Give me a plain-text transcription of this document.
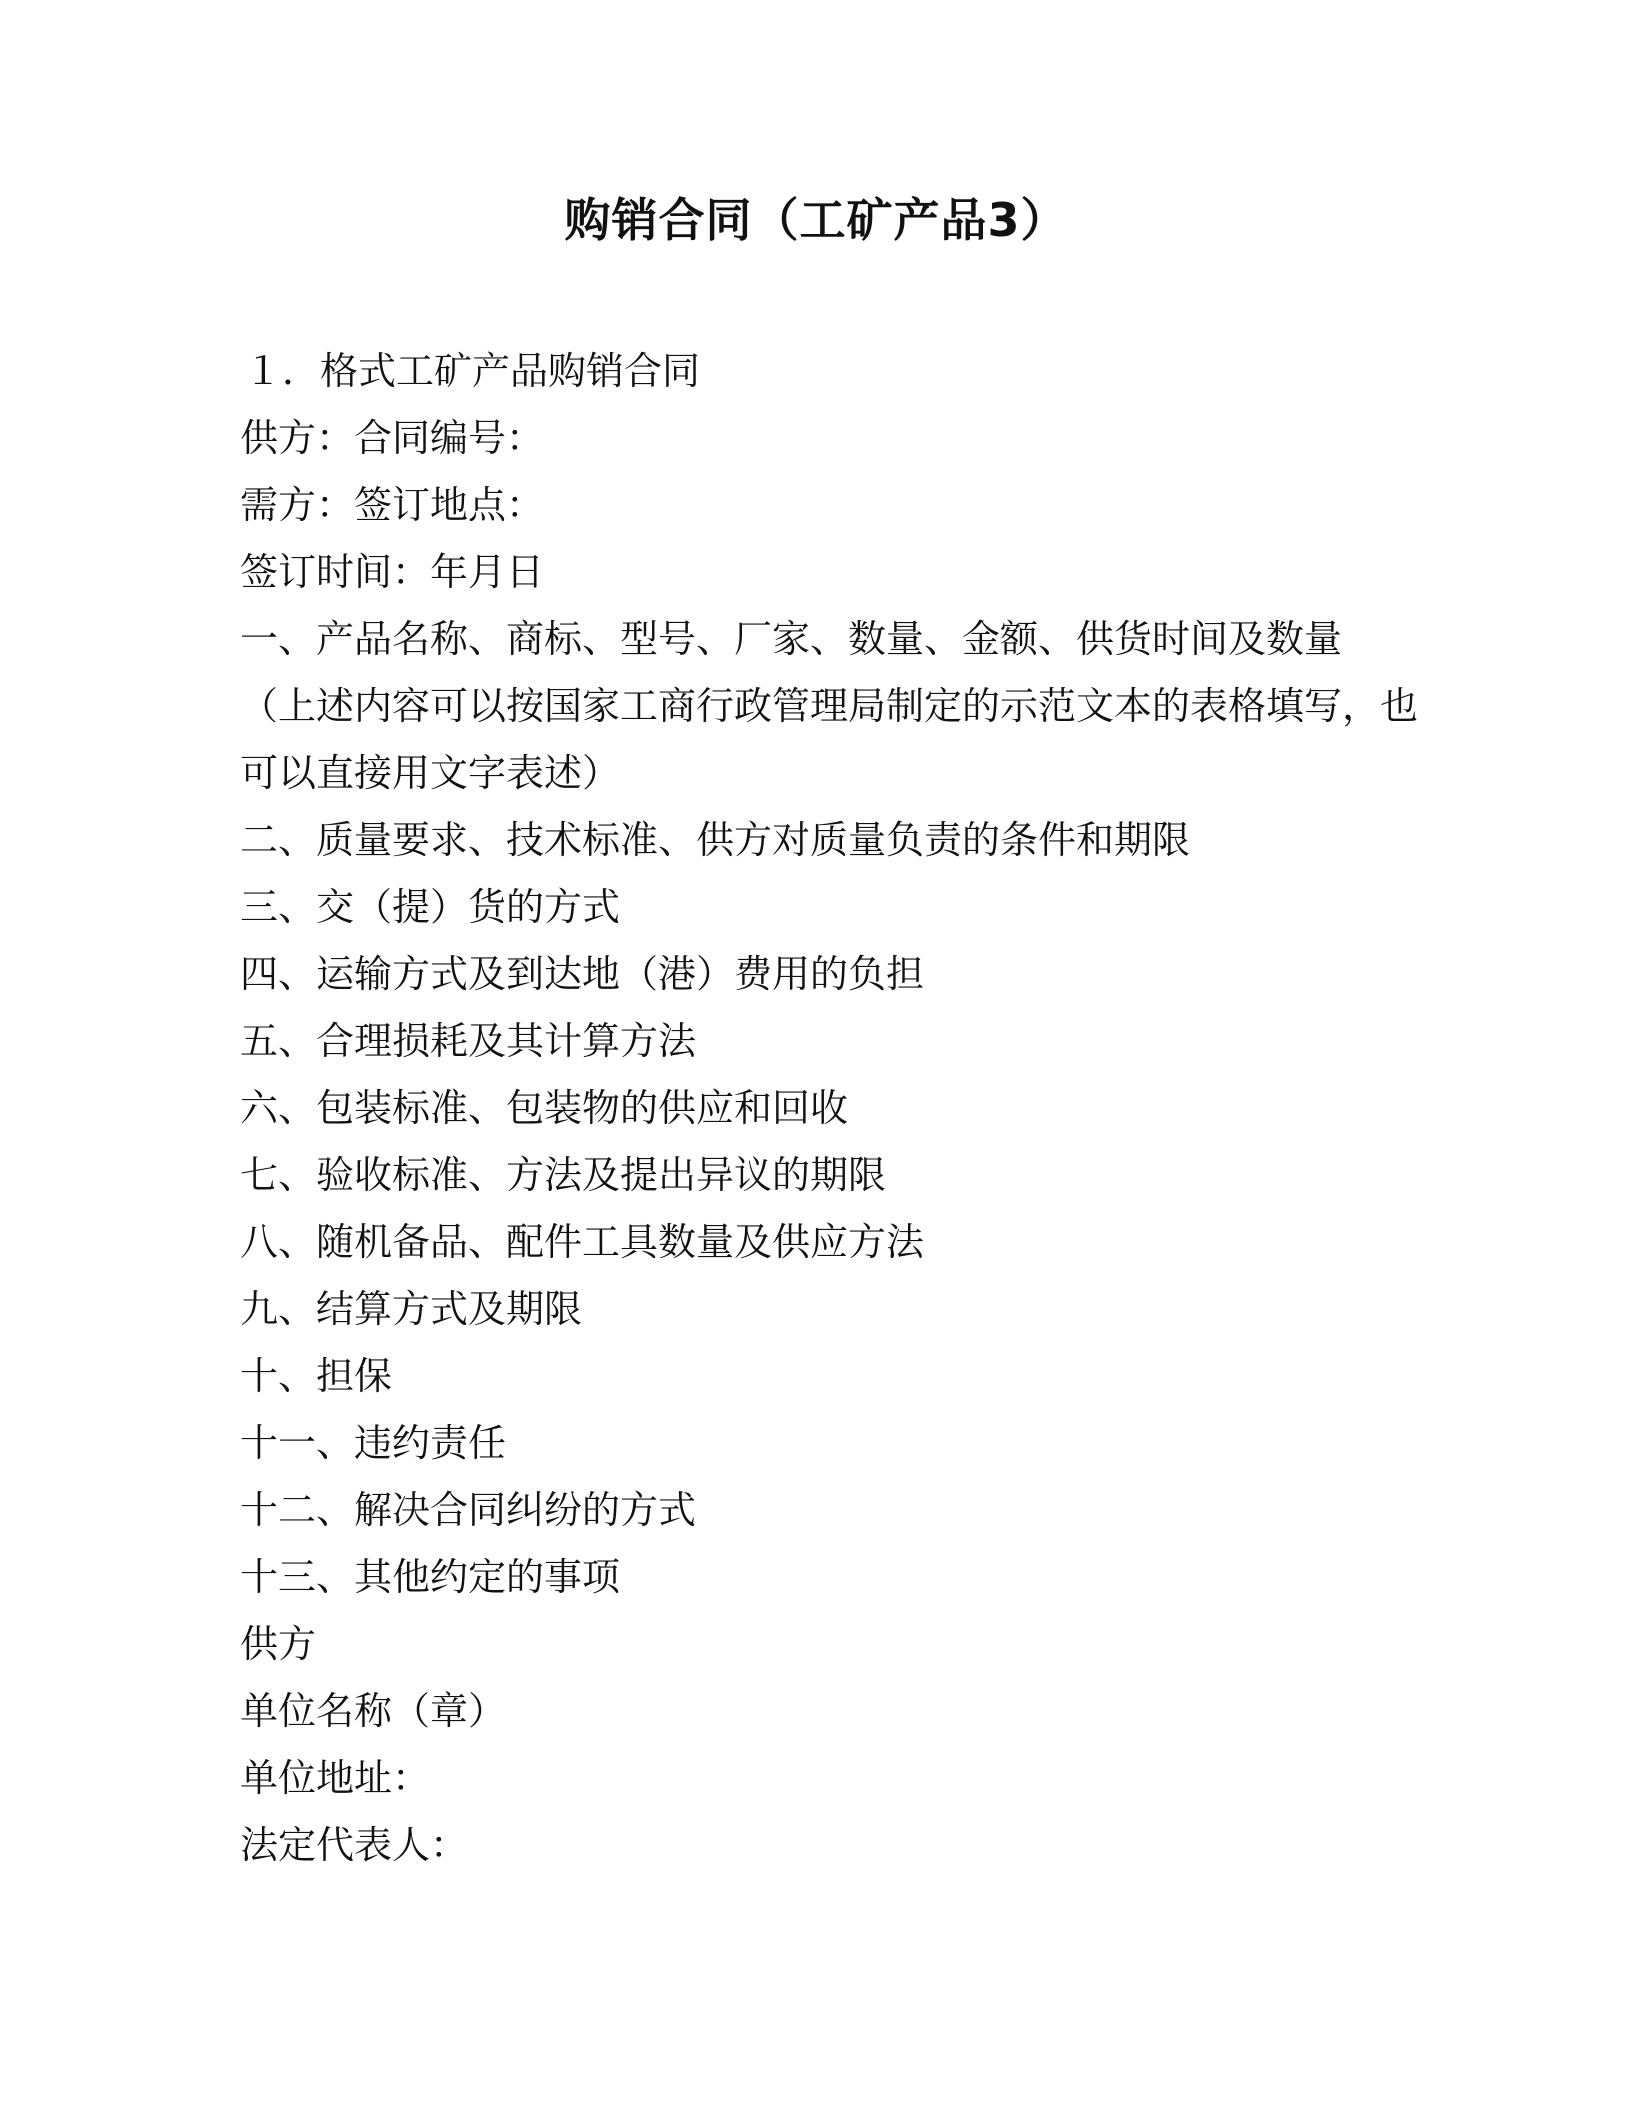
购销合同（工矿产品3）
１．格式工矿产品购销合同
供方：合同编号：
需方：签订地点：
签订时间：年月日
一、产品名称、商标、型号、厂家、数量、金额、供货时间及数量
（上述内容可以按国家工商行政管理局制定的示范文本的表格填写，也
可以直接用文字表述）
二、质量要求、技术标准、供方对质量负责的条件和期限
三、交（提）货的方式
四、运输方式及到达地（港）费用的负担
五、合理损耗及其计算方法
六、包装标准、包装物的供应和回收
七、验收标准、方法及提出异议的期限
八、随机备品、配件工具数量及供应方法
九、结算方式及期限
十、担保
十一、违约责任
十二、解决合同纠纷的方式
十三、其他约定的事项
供方
单位名称（章）
单位地址：
法定代表人：
